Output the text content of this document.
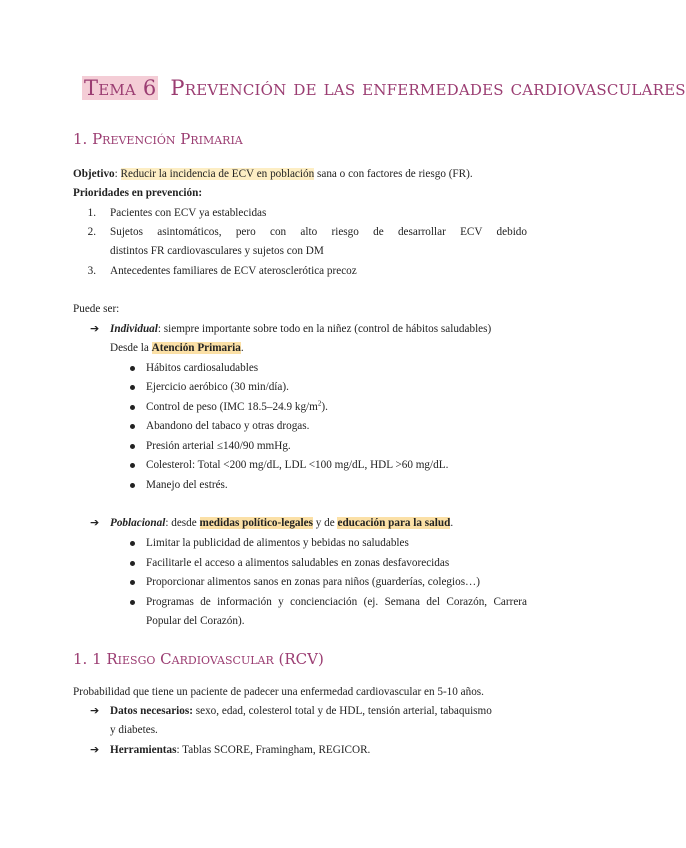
Tema 6 Prevención de las enfermedades cardiovasculares
1. Prevención Primaria
Objetivo: Reducir la incidencia de ECV en población sana o con factores de riesgo (FR).
Prioridades en prevención:
1. Pacientes con ECV ya establecidas
2. Sujetos asintomáticos, pero con alto riesgo de desarrollar ECV debido
distintos FR cardiovasculares y sujetos con DM
3. Antecedentes familiares de ECV aterosclerótica precoz
Puede ser:
➔ Individual: siempre importante sobre todo en la niñez (control de hábitos saludables)
Desde la Atención Primaria.
Hábitos cardiosaludables
Ejercicio aeróbico (30 min/día).
Control de peso (IMC 18.5–24.9 $kg/m^2$).
Abandono del tabaco y otras drogas.
Presión arterial ≤140/90 mmHg.
Colesterol: Total <200 mg/dL, LDL <100 mg/dL, HDL >60 mg/dL.
Manejo del estrés.
➔ Poblacional: desde medidas político-legales y de educación para la salud.
Limitar la publicidad de alimentos y bebidas no saludables
Facilitarle el acceso a alimentos saludables en zonas desfavorecidas
Proporcionar alimentos sanos en zonas para niños (guarderías, colegios…)
Programas de información y concienciación (ej. Semana del Corazón, Carrera
Popular del Corazón).
1. 1 Riesgo Cardiovascular (RCV)
Probabilidad que tiene un paciente de padecer una enfermedad cardiovascular en 5-10 años.
➔ Datos necesarios: sexo, edad, colesterol total y de HDL, tensión arterial, tabaquismo
y diabetes.
➔ Herramientas: Tablas SCORE, Framingham, REGICOR.
